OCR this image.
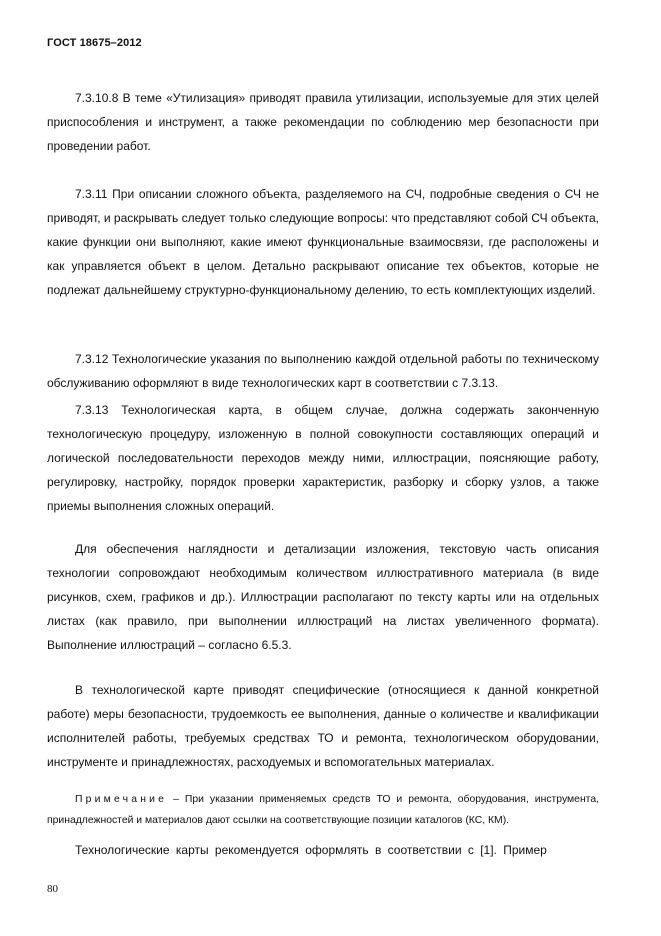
ГОСТ 18675–2012

7.3.10.8 В теме «Утилизация» приводят правила утилизации, используемые для этих целей приспособления и инструмент, а также рекомендации по соблюдению мер безопасности при проведении работ.

7.3.11 При описании сложного объекта, разделяемого на СЧ, подробные сведения о СЧ не приводят, и раскрывать следует только следующие вопросы: что представляют собой СЧ объекта, какие функции они выполняют, какие имеют функциональные взаимосвязи, где расположены и как управляется объект в целом. Детально раскрывают описание тех объектов, которые не подлежат дальнейшему структурно-функциональному делению, то есть комплектующих изделий.

7.3.12 Технологические указания по выполнению каждой отдельной работы по техническому обслуживанию оформляют в виде технологических карт в соответствии с 7.3.13.

7.3.13 Технологическая карта, в общем случае, должна содержать законченную технологическую процедуру, изложенную в полной совокупности составляющих операций и логической последовательности переходов между ними, иллюстрации, поясняющие работу, регулировку, настройку, порядок проверки характеристик, разборку и сборку узлов, а также приемы выполнения сложных операций.

Для обеспечения наглядности и детализации изложения, текстовую часть описания технологии сопровождают необходимым количеством иллюстративного материала (в виде рисунков, схем, графиков и др.). Иллюстрации располагают по тексту карты или на отдельных листах (как правило, при выполнении иллюстраций на листах увеличенного формата). Выполнение иллюстраций – согласно 6.5.3.

В технологической карте приводят специфические (относящиеся к данной конкретной работе) меры безопасности, трудоемкость ее выполнения, данные о количестве и квалификации исполнителей работы, требуемых средствах ТО и ремонта, технологическом оборудовании, инструменте и принадлежностях, расходуемых и вспомогательных материалах.

Примечание – При указании применяемых средств ТО и ремонта, оборудования, инструмента, принадлежностей и материалов дают ссылки на соответствующие позиции каталогов (КС, КМ).

Технологические карты рекомендуется оформлять в соответствии с [1]. Пример

80
